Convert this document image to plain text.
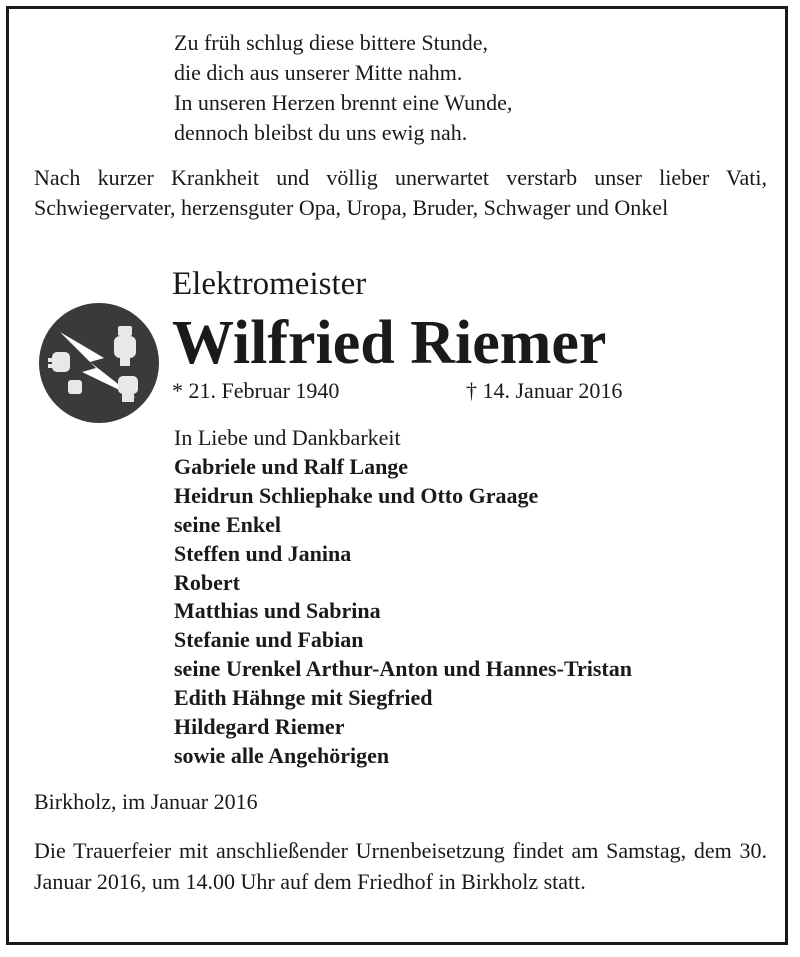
Zu früh schlug diese bittere Stunde,
die dich aus unserer Mitte nahm.
In unseren Herzen brennt eine Wunde,
dennoch bleibst du uns ewig nah.
Nach kurzer Krankheit und völlig unerwartet verstarb unser lieber Vati, Schwiegervater, herzensguter Opa, Uropa, Bruder, Schwager und Onkel
Elektromeister
Wilfried Riemer
* 21. Februar 1940	† 14. Januar 2016
In Liebe und Dankbarkeit
Gabriele und Ralf Lange
Heidrun Schliephake und Otto Graage
seine Enkel
Steffen und Janina
Robert
Matthias und Sabrina
Stefanie und Fabian
seine Urenkel Arthur-Anton und Hannes-Tristan
Edith Hähnge mit Siegfried
Hildegard Riemer
sowie alle Angehörigen
Birkholz, im Januar 2016
Die Trauerfeier mit anschließender Urnenbeisetzung findet am Samstag, dem 30. Januar 2016, um 14.00 Uhr auf dem Friedhof in Birkholz statt.
